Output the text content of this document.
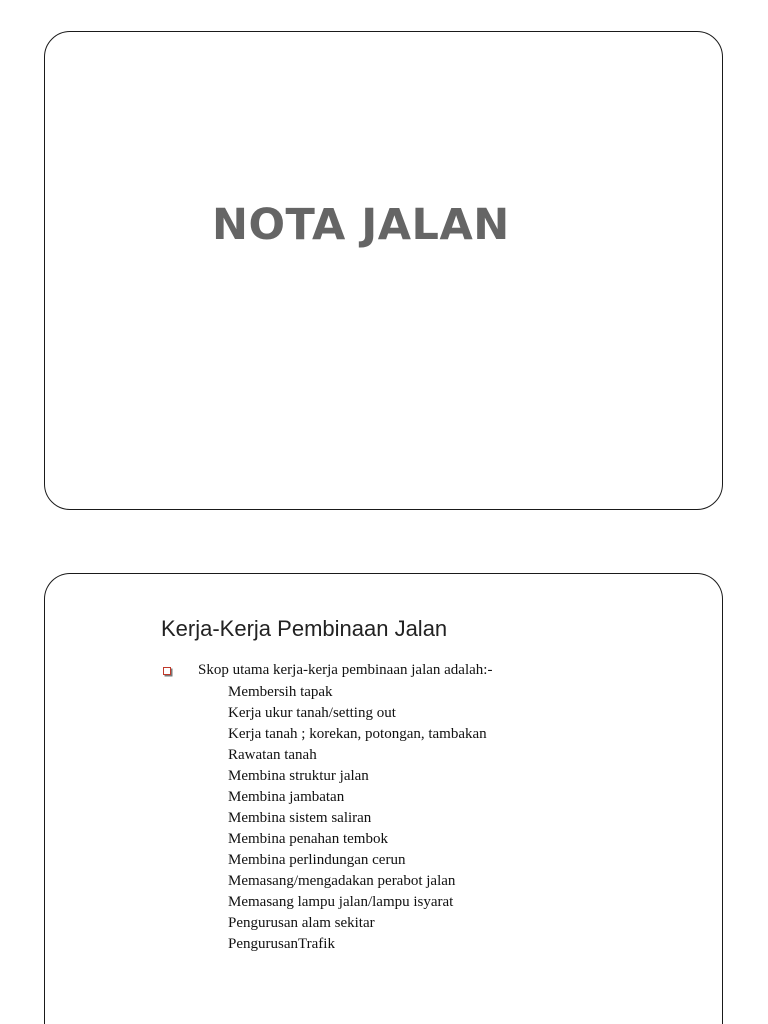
NOTA JALAN
Kerja-Kerja Pembinaan Jalan
Skop utama kerja-kerja pembinaan jalan adalah:-
Membersih tapak
Kerja ukur tanah/setting out
Kerja tanah ; korekan, potongan, tambakan
Rawatan tanah
Membina struktur jalan
Membina jambatan
Membina sistem saliran
Membina penahan tembok
Membina perlindungan cerun
Memasang/mengadakan perabot jalan
Memasang lampu jalan/lampu isyarat
Pengurusan alam sekitar
PengurusanTrafik
